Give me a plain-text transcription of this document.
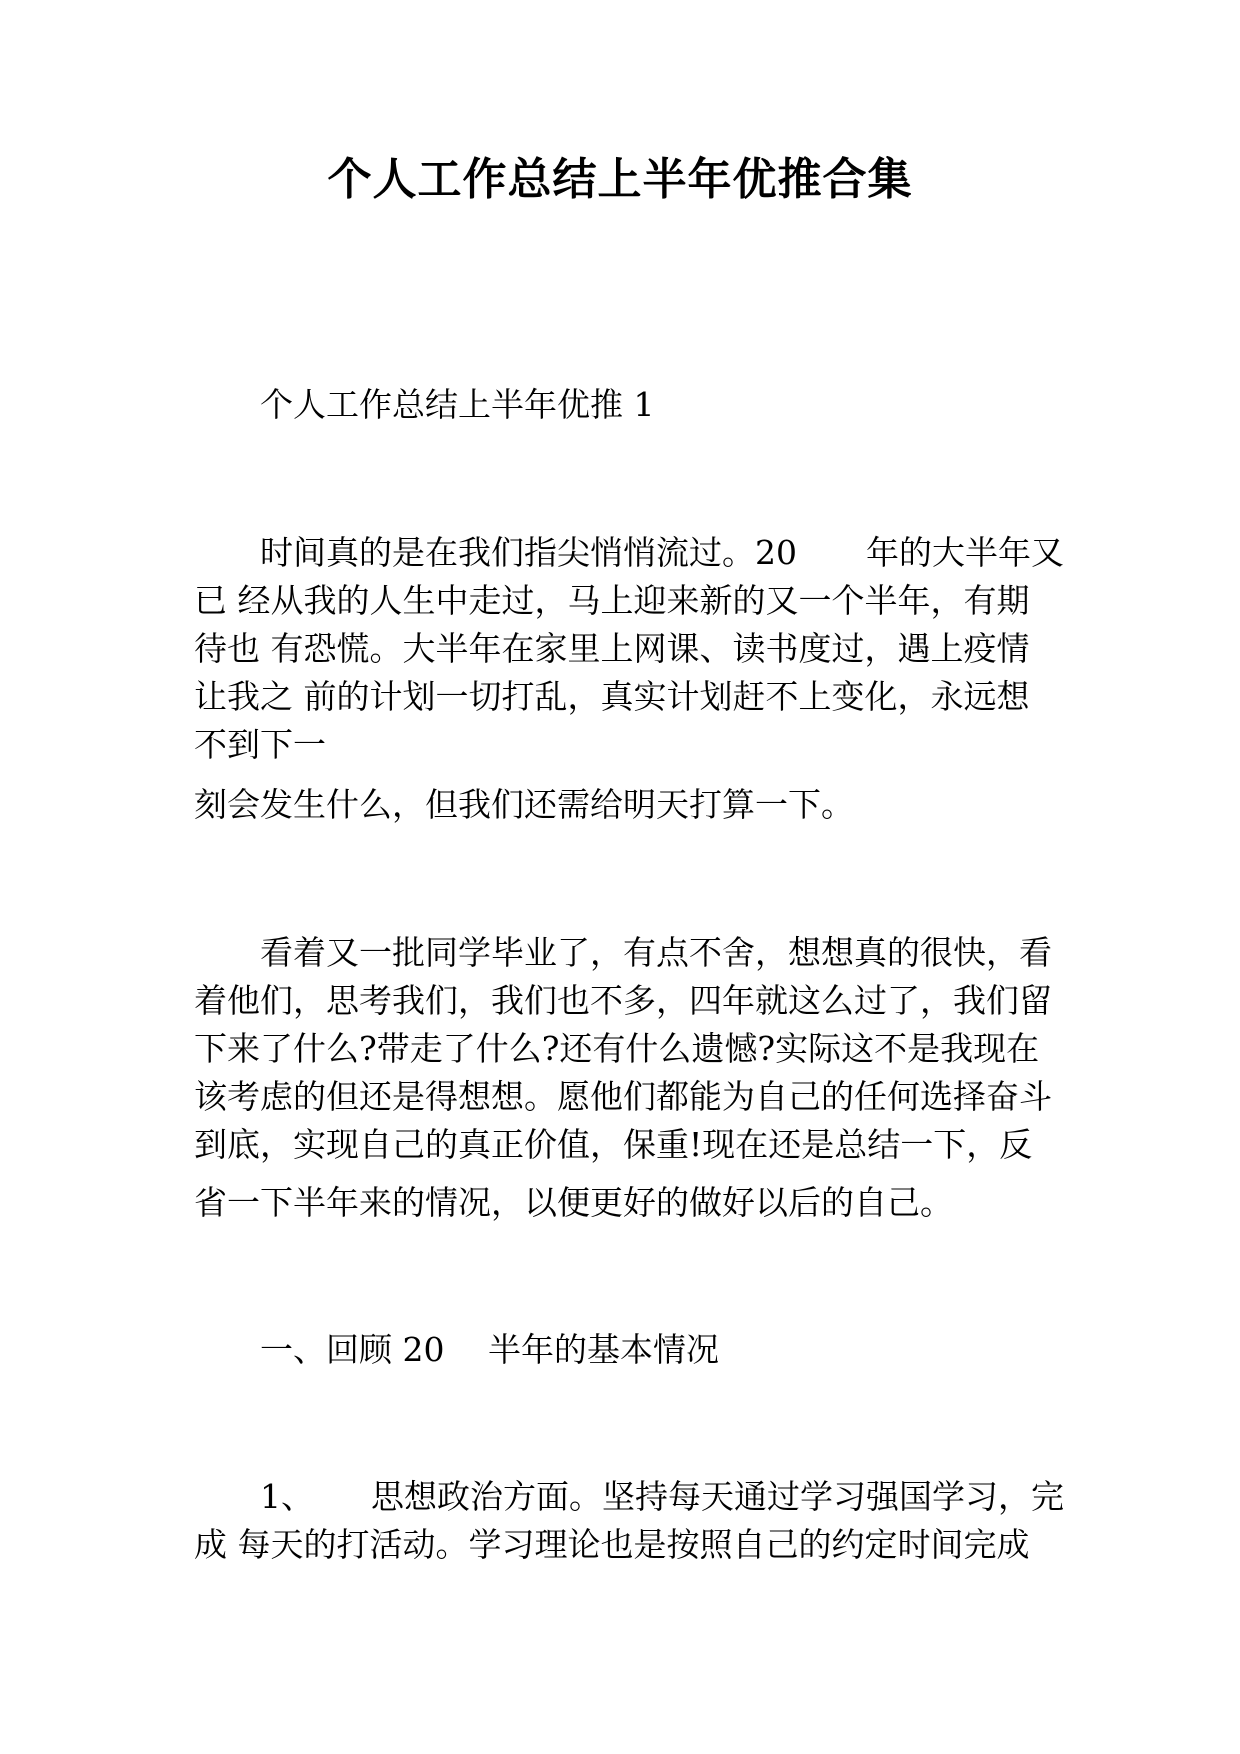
个人工作总结上半年优推合集
个人工作总结上半年优推 1
时间真的是在我们指尖悄悄流过。20 年的大半年又
已 经从我的人生中走过，马上迎来新的又一个半年，有期
待也 有恐慌。大半年在家里上网课、读书度过，遇上疫情
让我之 前的计划一切打乱，真实计划赶不上变化，永远想
不到下一
刻会发生什么，但我们还需给明天打算一下。
看着又一批同学毕业了，有点不舍，想想真的很快，看
着他们，思考我们，我们也不多，四年就这么过了，我们留
下来了什么?带走了什么?还有什么遗憾?实际这不是我现在
该考虑的但还是得想想。愿他们都能为自己的任何选择奋斗
到底，实现自己的真正价值，保重!现在还是总结一下，反
省一下半年来的情况，以便更好的做好以后的自己。
一、回顾 20　 半年的基本情况
1、 思想政治方面。坚持每天通过学习强国学习，完
成 每天的打活动。学习理论也是按照自己的约定时间完成
